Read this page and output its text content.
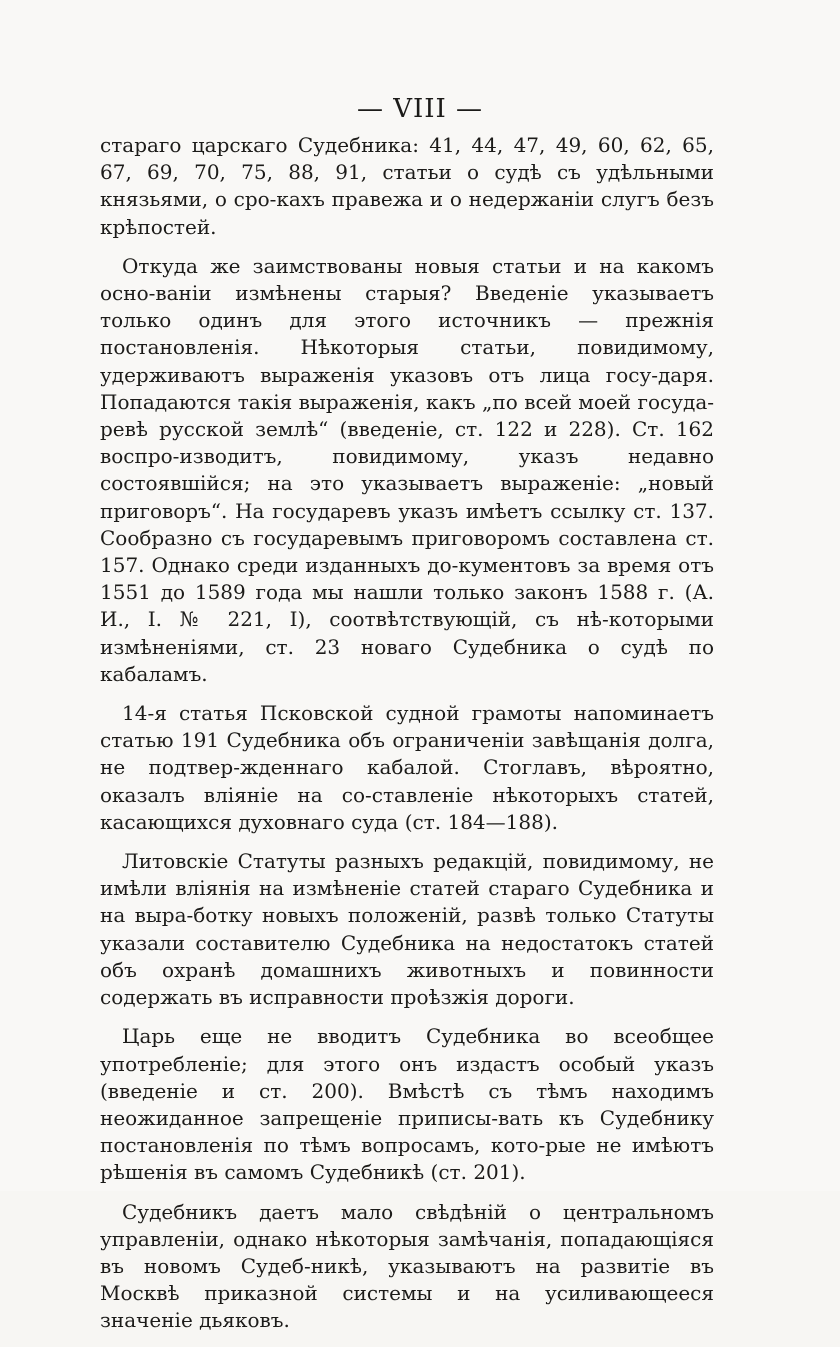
— VIII —

стараго царскаго Судебника: 41, 44, 47, 49, 60, 62, 65, 67, 69, 70, 75, 88, 91, статьи о судѣ съ удѣльными князьями, о сро-кахъ правежа и о недержаніи слугъ безъ крѣпостей.

Откуда же заимствованы новыя статьи и на какомъ осно-ваніи измѣнены старыя? Введеніе указываетъ только одинъ для этого источникъ — прежнія постановленія. Нѣкоторыя статьи, повидимому, удерживаютъ выраженія указовъ отъ лица госу-даря. Попадаются такія выраженія, какъ „по всей моей госуда-ревѣ русской землѣ“ (введеніе, ст. 122 и 228). Ст. 162 воспро-изводитъ, повидимому, указъ недавно состоявшійся; на это указываетъ выраженіе: „новый приговоръ“. На государевъ указъ имѣетъ ссылку ст. 137. Сообразно съ государевымъ приговоромъ составлена ст. 157. Однако среди изданныхъ до-кументовъ за время отъ 1551 до 1589 года мы нашли только законъ 1588 г. (А. И., I. № 221, I), соотвѣтствующій, съ нѣ-которыми измѣненіями, ст. 23 новаго Судебника о судѣ по кабаламъ.

14-я статья Псковской судной грамоты напоминаетъ статью 191 Судебника объ ограниченіи завѣщанія долга, не подтвер-жденнаго кабалой. Стоглавъ, вѣроятно, оказалъ вліяніе на со-ставленіе нѣкоторыхъ статей, касающихся духовнаго суда (ст. 184—188).

Литовскіе Статуты разныхъ редакцій, повидимому, не имѣли вліянія на измѣненіе статей стараго Судебника и на выра-ботку новыхъ положеній, развѣ только Статуты указали составителю Судебника на недостатокъ статей объ охранѣ домашнихъ животныхъ и повинности содержать въ исправности проѣзжія дороги.

Царь еще не вводитъ Судебника во всеобщее употребленіе; для этого онъ издастъ особый указъ (введеніе и ст. 200). Вмѣстѣ съ тѣмъ находимъ неожиданное запрещеніе приписы-вать къ Судебнику постановленія по тѣмъ вопросамъ, кото-рые не имѣютъ рѣшенія въ самомъ Судебникѣ (ст. 201).

Судебникъ даетъ мало свѣдѣній о центральномъ управленіи, однако нѣкоторыя замѣчанія, попадающіяся въ новомъ Судеб-никѣ, указываютъ на развитіе въ Москвѣ приказной системы и на усиливающееся значеніе дьяковъ.
